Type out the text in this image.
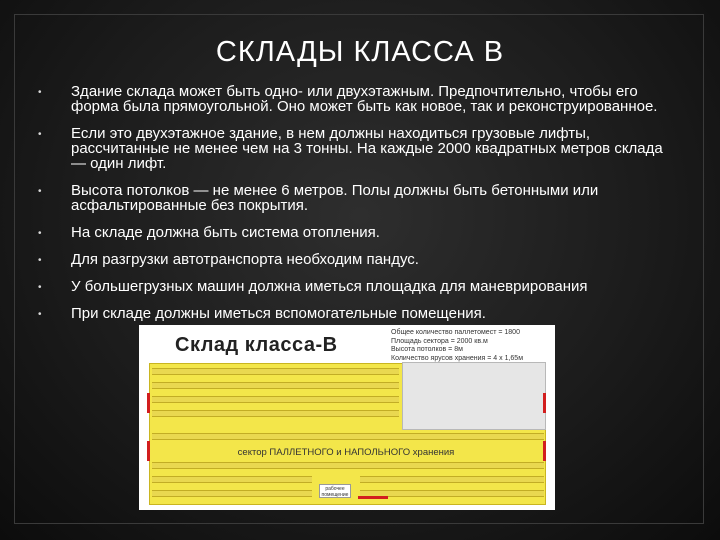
СКЛАДЫ КЛАССА В
• Здание склада может быть одно- или двухэтажным. Предпочтительно, чтобы его форма была прямоугольной. Оно может быть как новое, так и реконструированное.
• Если это двухэтажное здание, в нем должны находиться грузовые лифты, рассчитанные не менее чем на 3 тонны. На каждые 2000 квадратных метров склада — один лифт.
• Высота потолков — не менее 6 метров. Полы должны быть бетонными или асфальтированные без покрытия.
• На складе должна быть система отопления.
• Для разгрузки автотранспорта необходим пандус.
• У большегрузных машин должна иметься площадка для маневрирования
• При складе должны иметься вспомогательные помещения.
Склад класса-В
Общее количество паллетомест = 1800
Площадь сектора = 2000 кв.м
Высота потолков = 8м
Количество ярусов хранения = 4 х 1,65м
сектор ПАЛЛЕТНОГО и НАПОЛЬНОГО хранения
рабочее помещение
